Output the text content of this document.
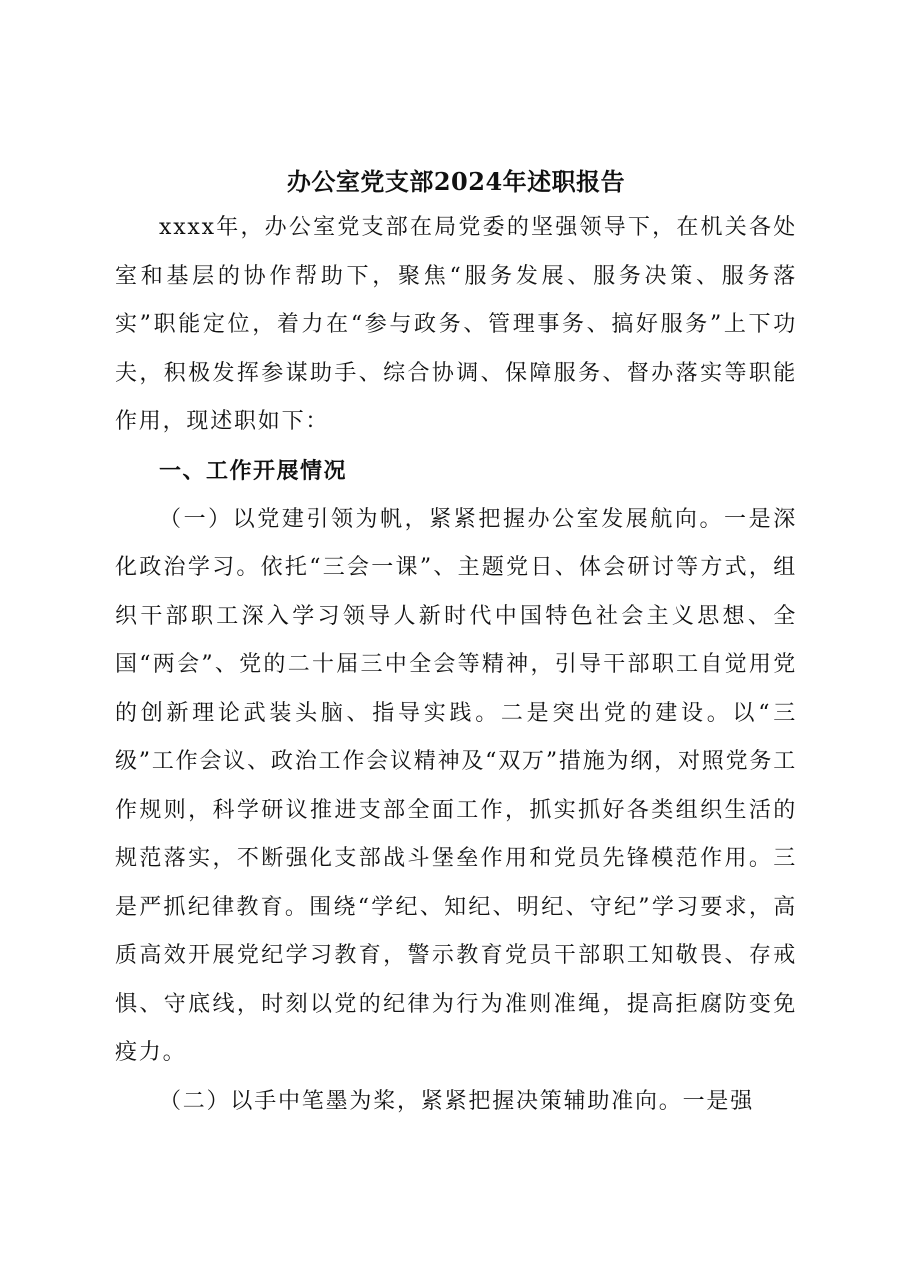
办公室党支部2024年述职报告

xxxx年，办公室党支部在局党委的坚强领导下，在机关各处室和基层的协作帮助下，聚焦“服务发展、服务决策、服务落实”职能定位，着力在“参与政务、管理事务、搞好服务”上下功夫，积极发挥参谋助手、综合协调、保障服务、督办落实等职能作用，现述职如下：

一、工作开展情况

（一）以党建引领为帆，紧紧把握办公室发展航向。一是深化政治学习。依托“三会一课”、主题党日、体会研讨等方式，组织干部职工深入学习领导人新时代中国特色社会主义思想、全国“两会”、党的二十届三中全会等精神，引导干部职工自觉用党的创新理论武装头脑、指导实践。二是突出党的建设。以“三级”工作会议、政治工作会议精神及“双万”措施为纲，对照党务工作规则，科学研议推进支部全面工作，抓实抓好各类组织生活的规范落实，不断强化支部战斗堡垒作用和党员先锋模范作用。三是严抓纪律教育。围绕“学纪、知纪、明纪、守纪”学习要求，高质高效开展党纪学习教育，警示教育党员干部职工知敬畏、存戒惧、守底线，时刻以党的纪律为行为准则准绳，提高拒腐防变免疫力。

（二）以手中笔墨为桨，紧紧把握决策辅助准向。一是强
